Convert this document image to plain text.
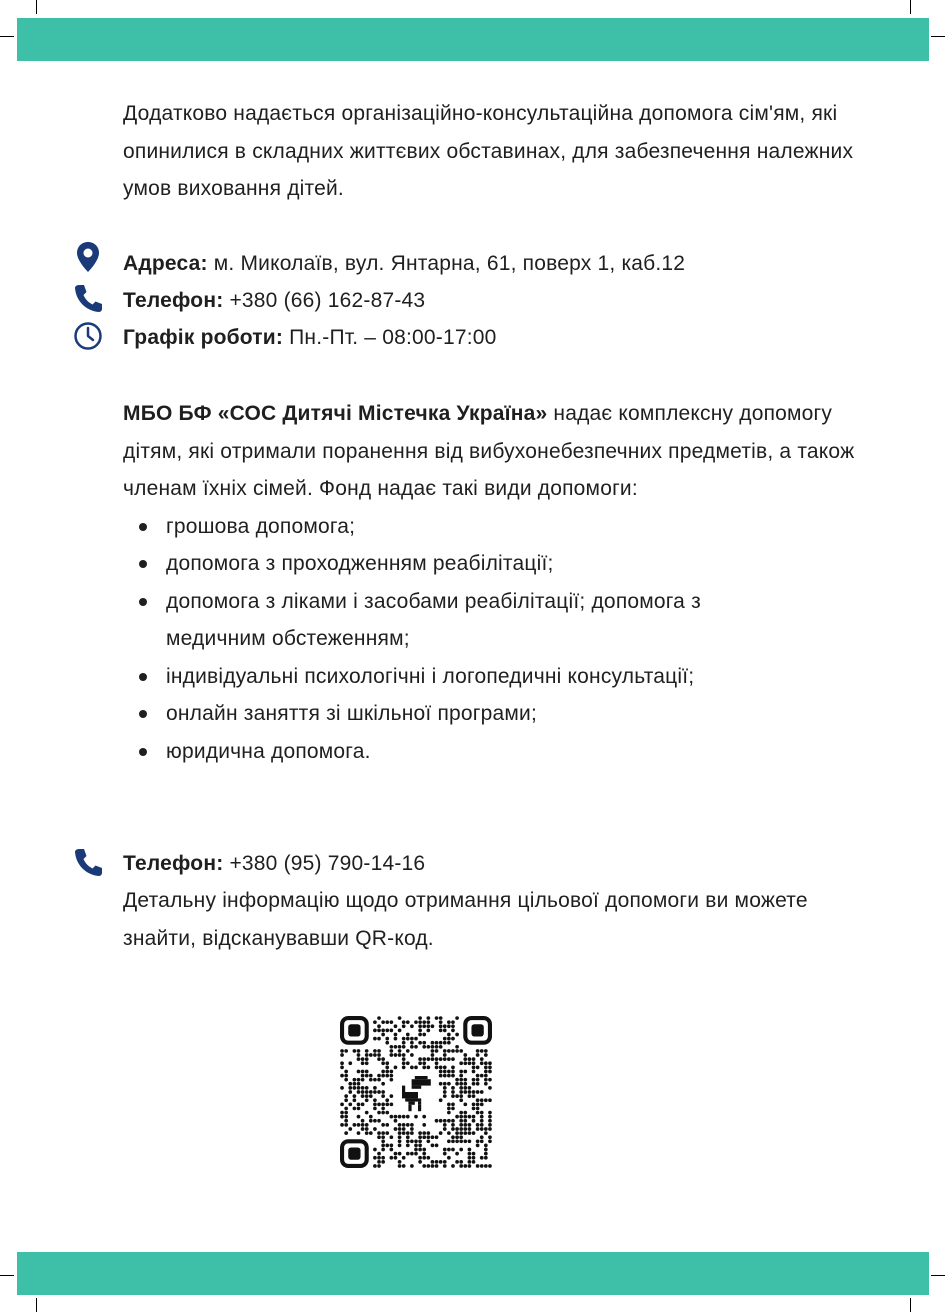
Додатково надається організаційно-консультаційна допомога сім'ям, які опинилися в складних життєвих обставинах, для забезпечення належних умов виховання дітей.

Адреса: м. Миколаїв, вул. Янтарна, 61, поверх 1, каб.12
Телефон: +380 (66) 162-87-43
Графік роботи: Пн.-Пт. – 08:00-17:00

МБО БФ «СОС Дитячі Містечка Україна» надає комплексну допомогу дітям, які отримали поранення від вибухонебезпечних предметів, а також членам їхніх сімей. Фонд надає такі види допомоги:

грошова допомога;
допомога з проходженням реабілітації;
допомога з ліками і засобами реабілітації; допомога з медичним обстеженням;
індивідуальні психологічні і логопедичні консультації;
онлайн заняття зі шкільної програми;
юридична допомога.
Телефон: +380 (95) 790-14-16

Детальну інформацію щодо отримання цільової допомоги ви можете знайти, відсканувавши QR-код.
